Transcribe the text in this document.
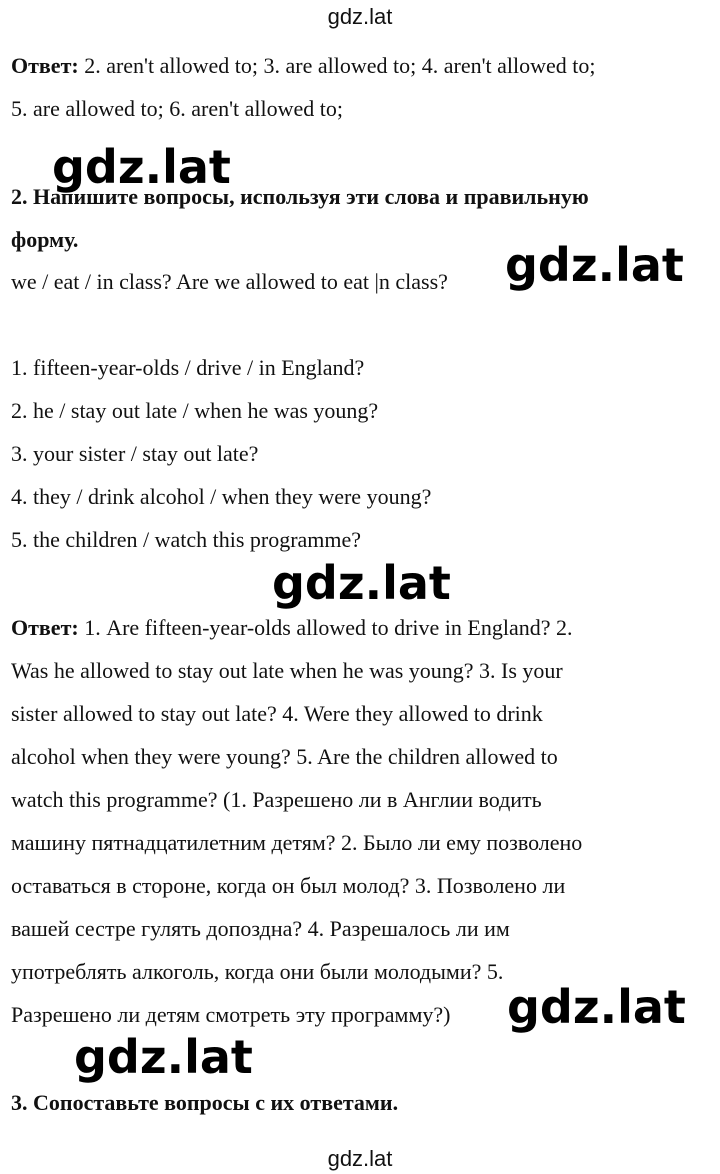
gdz.lat
Ответ: 2. aren't allowed to; 3. are allowed to; 4. aren't allowed to;
5. are allowed to; 6. aren't allowed to;
2. Напишите вопросы, используя эти слова и правильную
форму.
we / eat / in class? Are we allowed to eat |n class?
1. fifteen-year-olds / drive / in England?
2. he / stay out late / when he was young?
3. your sister / stay out late?
4. they / drink alcohol / when they were young?
5. the children / watch this programme?
Ответ: 1. Are fifteen-year-olds allowed to drive in England? 2.
Was he allowed to stay out late when he was young? 3. Is your
sister allowed to stay out late? 4. Were they allowed to drink
alcohol when they were young? 5. Are the children allowed to
watch this programme? (1. Разрешено ли в Англии водить
машину пятнадцатилетним детям? 2. Было ли ему позволено
оставаться в стороне, когда он был молод? 3. Позволено ли
вашей сестре гулять допоздна? 4. Разрешалось ли им
употреблять алкоголь, когда они были молодыми? 5.
Разрешено ли детям смотреть эту программу?)
3. Сопоставьте вопросы с их ответами.
gdz.lat
gdz.lat
gdz.lat
gdz.lat
gdz.lat
gdz.lat
